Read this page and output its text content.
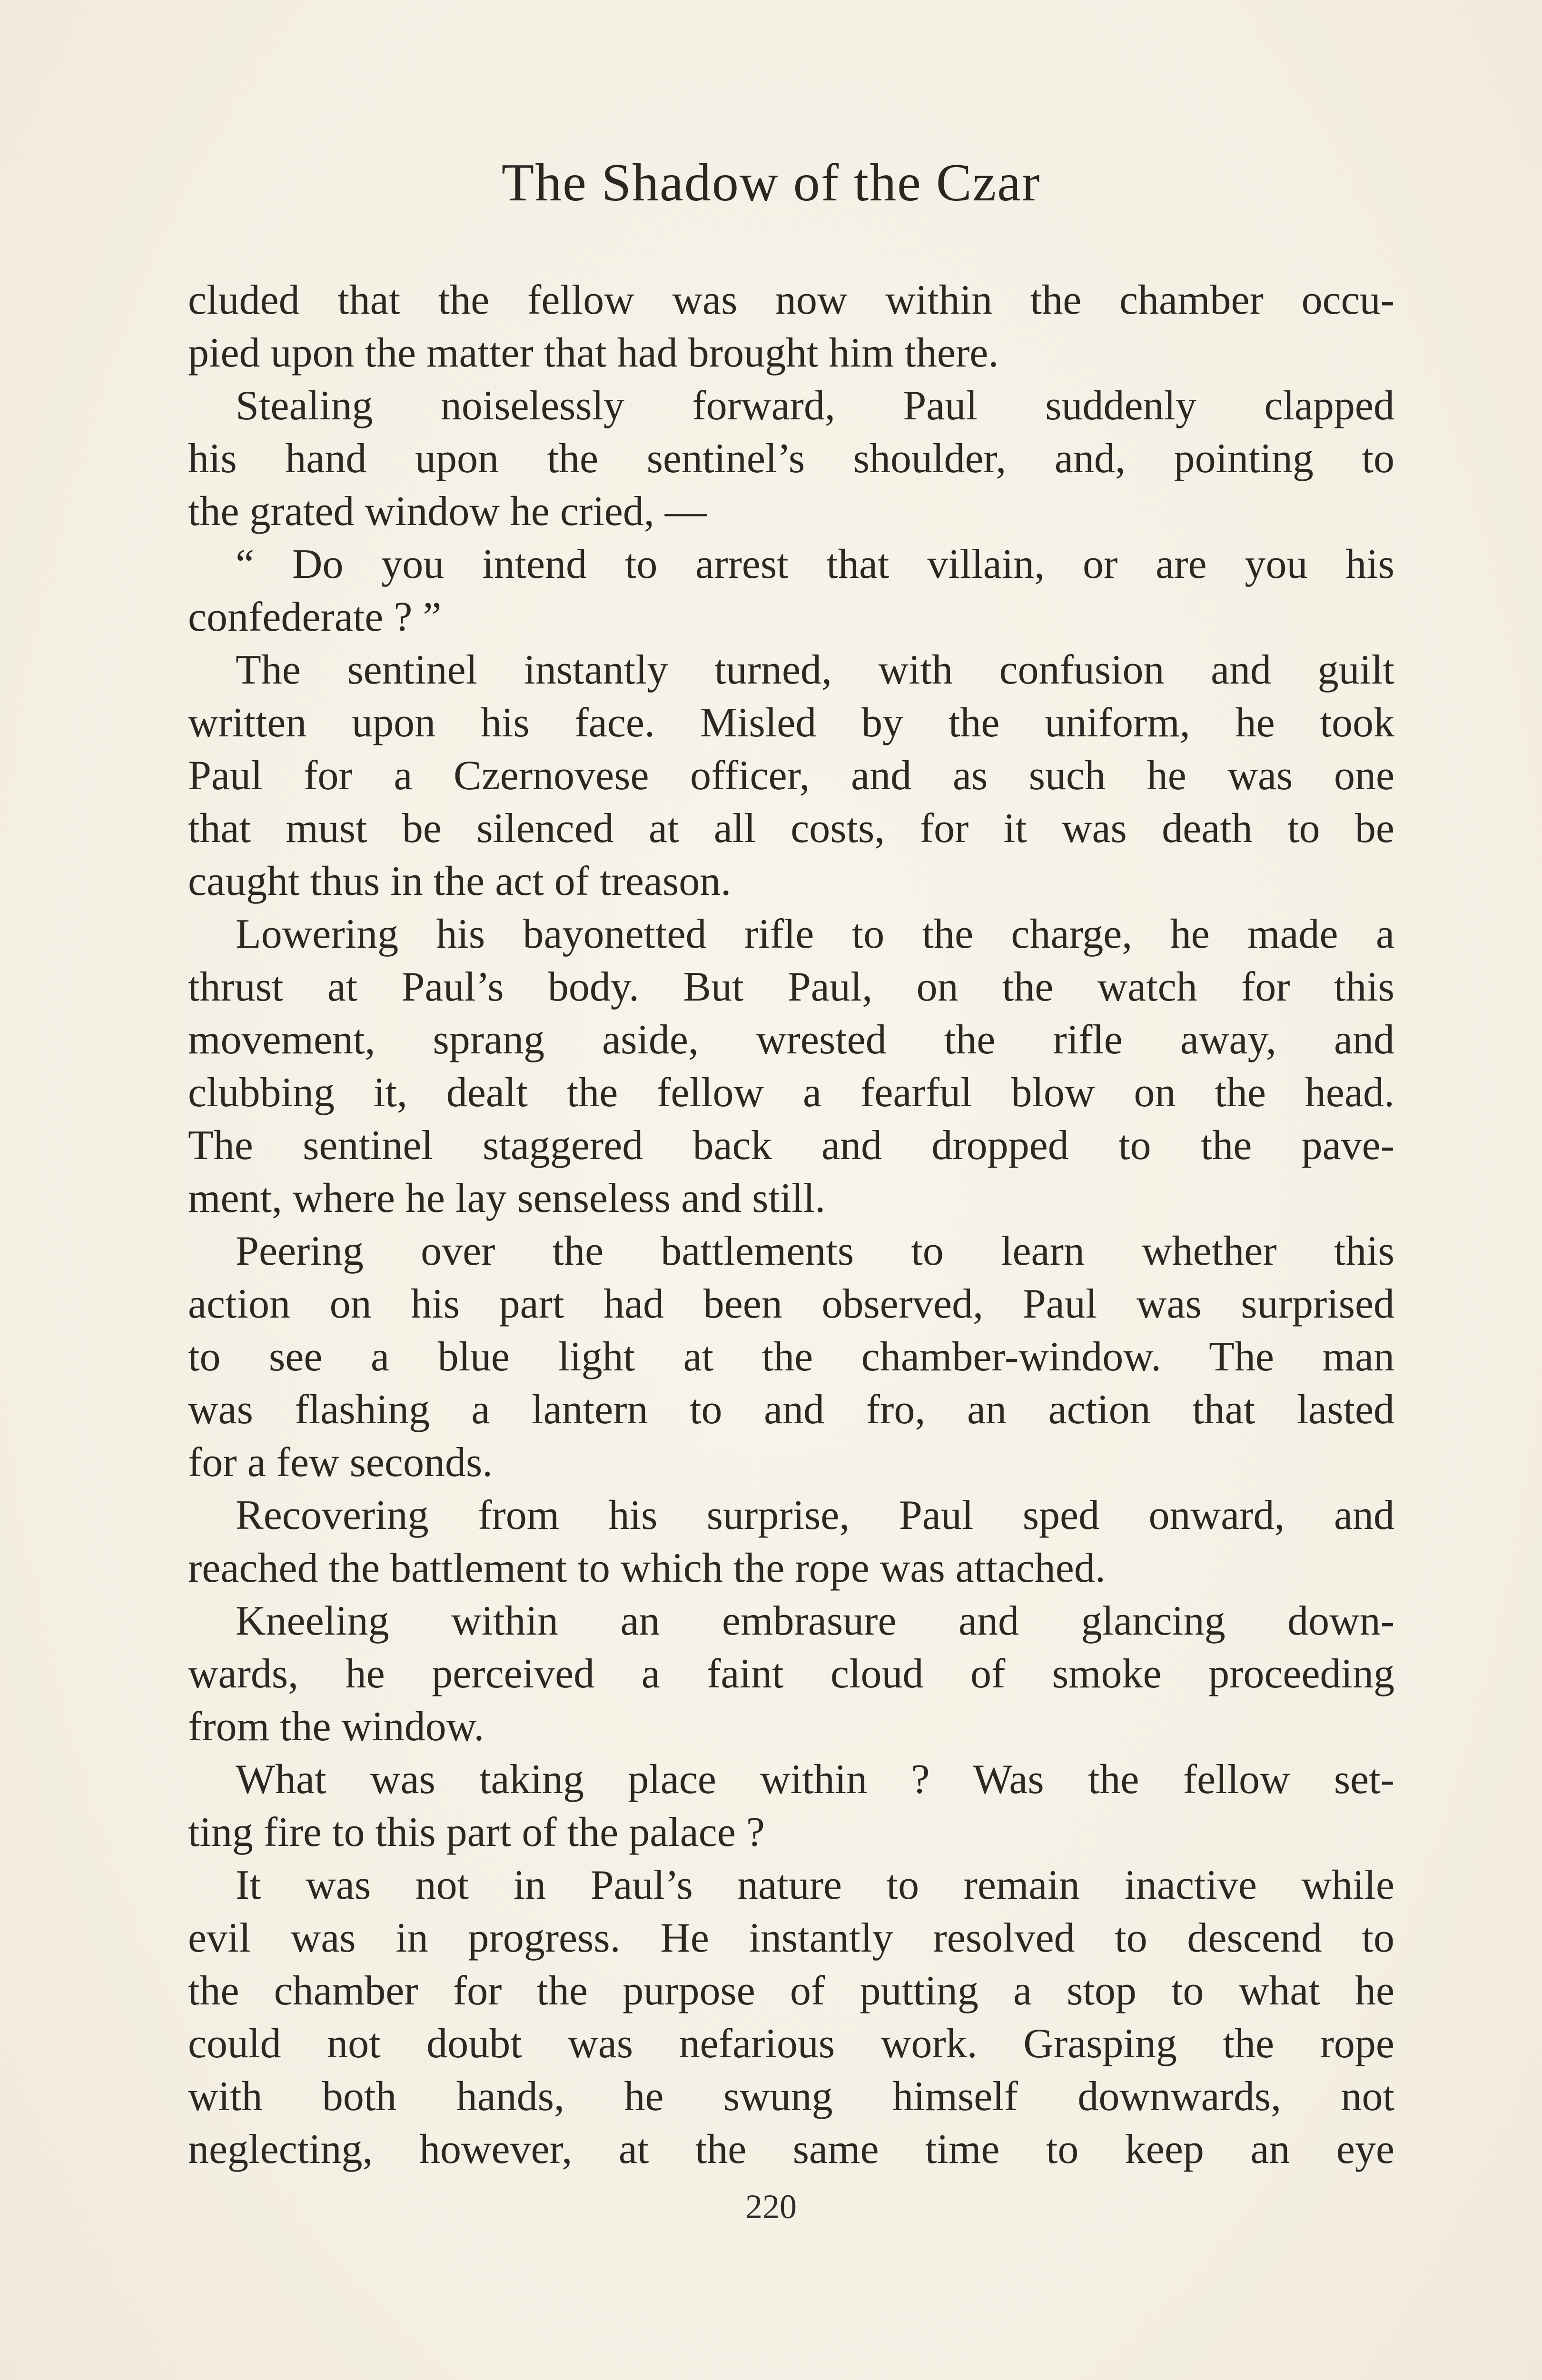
The Shadow of the Czar
cluded that the fellow was now within the chamber occu-
pied upon the matter that had brought him there.
Stealing noiselessly forward, Paul suddenly clapped
his hand upon the sentinel’s shoulder, and, pointing to
the grated window he cried, —
“ Do you intend to arrest that villain, or are you his
confederate ? ”
The sentinel instantly turned, with confusion and guilt
written upon his face. Misled by the uniform, he took
Paul for a Czernovese officer, and as such he was one
that must be silenced at all costs, for it was death to be
caught thus in the act of treason.
Lowering his bayonetted rifle to the charge, he made a
thrust at Paul’s body. But Paul, on the watch for this
movement, sprang aside, wrested the rifle away, and
clubbing it, dealt the fellow a fearful blow on the head.
The sentinel staggered back and dropped to the pave-
ment, where he lay senseless and still.
Peering over the battlements to learn whether this
action on his part had been observed, Paul was surprised
to see a blue light at the chamber-window. The man
was flashing a lantern to and fro, an action that lasted
for a few seconds.
Recovering from his surprise, Paul sped onward, and
reached the battlement to which the rope was attached.
Kneeling within an embrasure and glancing down-
wards, he perceived a faint cloud of smoke proceeding
from the window.
What was taking place within ? Was the fellow set-
ting fire to this part of the palace ?
It was not in Paul’s nature to remain inactive while
evil was in progress. He instantly resolved to descend to
the chamber for the purpose of putting a stop to what he
could not doubt was nefarious work. Grasping the rope
with both hands, he swung himself downwards, not
neglecting, however, at the same time to keep an eye
220
